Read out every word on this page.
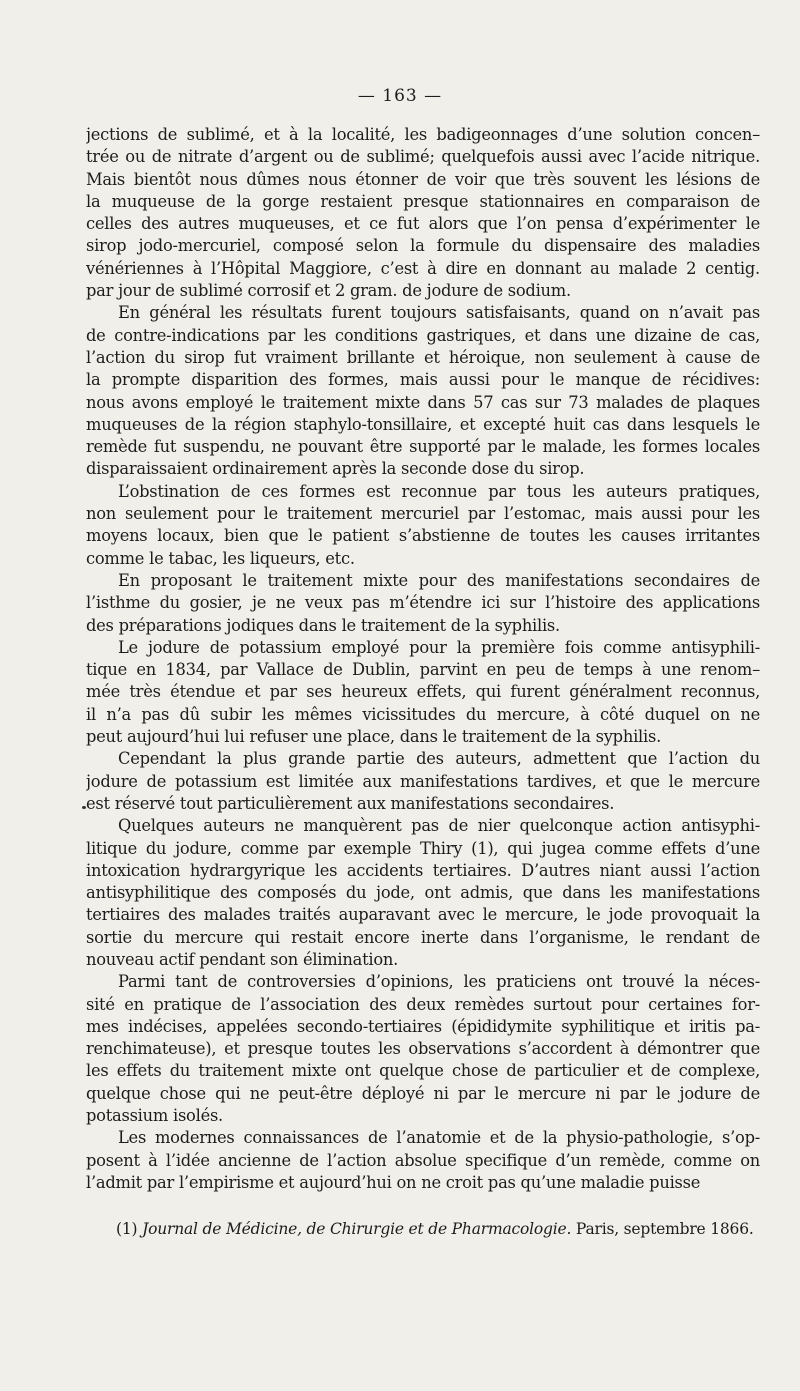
— 163 —
jections de sublimé, et à la localité, les badigeonnages d’une solution concen–
trée ou de nitrate d’argent ou de sublimé; quelquefois aussi avec l’acide nitrique.
Mais bientôt nous dûmes nous étonner de voir que très souvent les lésions de
la muqueuse de la gorge restaient presque stationnaires en comparaison de
celles des autres muqueuses, et ce fut alors que l’on pensa d’expérimenter le
sirop jodo-mercuriel, composé selon la formule du dispensaire des maladies
vénériennes à l’Hôpital Maggiore, c’est à dire en donnant au malade 2 centig.
par jour de sublimé corrosif et 2 gram. de jodure de sodium.
En général les résultats furent toujours satisfaisants, quand on n’avait pas
de contre-indications par les conditions gastriques, et dans une dizaine de cas,
l’action du sirop fut vraiment brillante et héroique, non seulement à cause de
la prompte disparition des formes, mais aussi pour le manque de récidives:
nous avons employé le traitement mixte dans 57 cas sur 73 malades de plaques
muqueuses de la région staphylo-tonsillaire, et excepté huit cas dans lesquels le
remède fut suspendu, ne pouvant être supporté par le malade, les formes locales
disparaissaient ordinairement après la seconde dose du sirop.
L’obstination de ces formes est reconnue par tous les auteurs pratiques,
non seulement pour le traitement mercuriel par l’estomac, mais aussi pour les
moyens locaux, bien que le patient s’abstienne de toutes les causes irritantes
comme le tabac, les liqueurs, etc.
En proposant le traitement mixte pour des manifestations secondaires de
l’isthme du gosier, je ne veux pas m’étendre ici sur l’histoire des applications
des préparations jodiques dans le traitement de la syphilis.
Le jodure de potassium employé pour la première fois comme antisyphili-
tique en 1834, par Vallace de Dublin, parvint en peu de temps à une renom–
mée très étendue et par ses heureux effets, qui furent généralment reconnus,
il n’a pas dû subir les mêmes vicissitudes du mercure, à côté duquel on ne
peut aujourd’hui lui refuser une place, dans le traitement de la syphilis.
Cependant la plus grande partie des auteurs, admettent que l’action du
jodure de potassium est limitée aux manifestations tardives, et que le mercure
est réservé tout particulièrement aux manifestations secondaires.
Quelques auteurs ne manquèrent pas de nier quelconque action antisyphi-
litique du jodure, comme par exemple Thiry (1), qui jugea comme effets d’une
intoxication hydrargyrique les accidents tertiaires. D’autres niant aussi l’action
antisyphilitique des composés du jode, ont admis, que dans les manifestations
tertiaires des malades traités auparavant avec le mercure, le jode provoquait la
sortie du mercure qui restait encore inerte dans l’organisme, le rendant de
nouveau actif pendant son élimination.
Parmi tant de controversies d’opinions, les praticiens ont trouvé la néces-
sité en pratique de l’association des deux remèdes surtout pour certaines for-
mes indécises, appelées secondo-tertiaires (épididymite syphilitique et iritis pa-
renchimateuse), et presque toutes les observations s’accordent à démontrer que
les effets du traitement mixte ont quelque chose de particulier et de complexe,
quelque chose qui ne peut-être déployé ni par le mercure ni par le jodure de
potassium isolés.
Les modernes connaissances de l’anatomie et de la physio-pathologie, s’op-
posent à l’idée ancienne de l’action absolue specifique d’un remède, comme on
l’admit par l’empirisme et aujourd’hui on ne croit pas qu’une maladie puisse
(1) Journal de Médicine, de Chirurgie et de Pharmacologie. Paris, septembre 1866.
